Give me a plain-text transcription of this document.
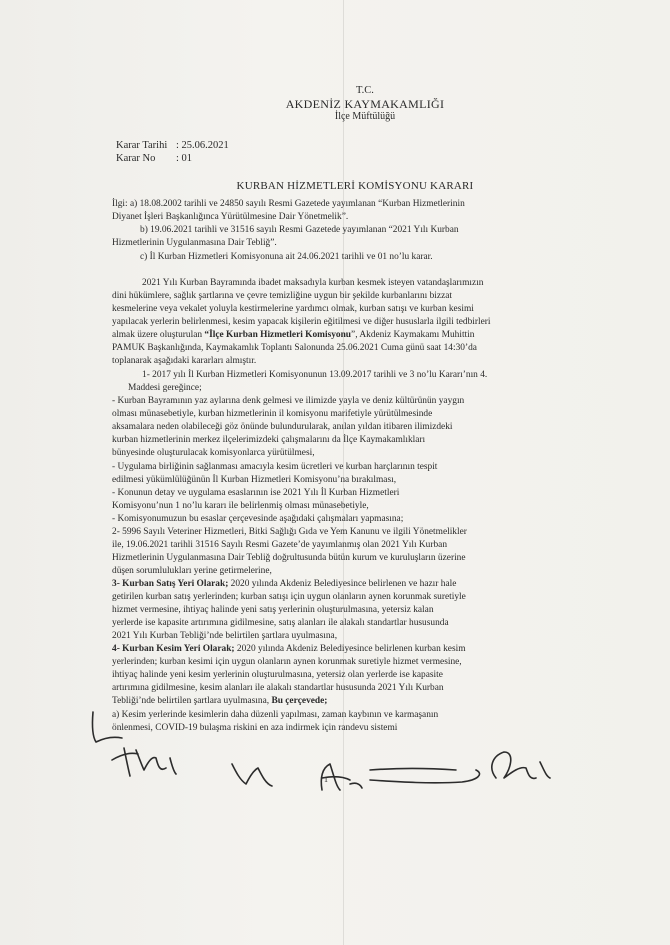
T.C.
AKDENİZ KAYMAKAMLIĞI
İlçe Müftülüğü
Karar Tarihi : 25.06.2021
Karar No : 01
KURBAN HİZMETLERİ KOMİSYONU KARARI
İlgi: a) 18.08.2002 tarihli ve 24850 sayılı Resmi Gazetede yayımlanan “Kurban Hizmetlerinin
Diyanet İşleri Başkanlığınca Yürütülmesine Dair Yönetmelik”.
b) 19.06.2021 tarihli ve 31516 sayılı Resmi Gazetede yayımlanan “2021 Yılı Kurban
Hizmetlerinin Uygulanmasına Dair Tebliğ”.
c) İl Kurban Hizmetleri Komisyonuna ait 24.06.2021 tarihli ve 01 no’lu karar.
2021 Yılı Kurban Bayramında ibadet maksadıyla kurban kesmek isteyen vatandaşlarımızın
dini hükümlere, sağlık şartlarına ve çevre temizliğine uygun bir şekilde kurbanlarını bizzat
kesmelerine veya vekalet yoluyla kestirmelerine yardımcı olmak, kurban satışı ve kurban kesimi
yapılacak yerlerin belirlenmesi, kesim yapacak kişilerin eğitilmesi ve diğer hususlarla ilgili tedbirleri
almak üzere oluşturulan “İlçe Kurban Hizmetleri Komisyonu”, Akdeniz Kaymakamı Muhittin
PAMUK Başkanlığında, Kaymakamlık Toplantı Salonunda 25.06.2021 Cuma günü saat 14:30’da
toplanarak aşağıdaki kararları almıştır.
1- 2017 yılı İl Kurban Hizmetleri Komisyonunun 13.09.2017 tarihli ve 3 no’lu Kararı’nın 4.
Maddesi gereğince;
- Kurban Bayramının yaz aylarına denk gelmesi ve ilimizde yayla ve deniz kültürünün yaygın
olması münasebetiyle, kurban hizmetlerinin il komisyonu marifetiyle yürütülmesinde
aksamalara neden olabileceği göz önünde bulundurularak, anılan yıldan itibaren ilimizdeki
kurban hizmetlerinin merkez ilçelerimizdeki çalışmalarını da İlçe Kaymakamlıkları
bünyesinde oluşturulacak komisyonlarca yürütülmesi,
- Uygulama birliğinin sağlanması amacıyla kesim ücretleri ve kurban harçlarının tespit
edilmesi yükümlülüğünün İl Kurban Hizmetleri Komisyonu’na bırakılması,
- Konunun detay ve uygulama esaslarının ise 2021 Yılı İl Kurban Hizmetleri
Komisyonu’nun 1 no’lu kararı ile belirlenmiş olması münasebetiyle,
- Komisyonumuzun bu esaslar çerçevesinde aşağıdaki çalışmaları yapmasına;
2- 5996 Sayılı Veteriner Hizmetleri, Bitki Sağlığı Gıda ve Yem Kanunu ve ilgili Yönetmelikler
ile, 19.06.2021 tarihli 31516 Sayılı Resmi Gazete’de yayımlanmış olan 2021 Yılı Kurban
Hizmetlerinin Uygulanmasına Dair Tebliğ doğrultusunda bütün kurum ve kuruluşların üzerine
düşen sorumlulukları yerine getirmelerine,
3- Kurban Satış Yeri Olarak; 2020 yılında Akdeniz Belediyesince belirlenen ve hazır hale
getirilen kurban satış yerlerinden; kurban satışı için uygun olanların aynen korunmak suretiyle
hizmet vermesine, ihtiyaç halinde yeni satış yerlerinin oluşturulmasına, yetersiz kalan
yerlerde ise kapasite artırımına gidilmesine, satış alanları ile alakalı standartlar hususunda
2021 Yılı Kurban Tebliği’nde belirtilen şartlara uyulmasına,
4- Kurban Kesim Yeri Olarak; 2020 yılında Akdeniz Belediyesince belirlenen kurban kesim
yerlerinden; kurban kesimi için uygun olanların aynen korunmak suretiyle hizmet vermesine,
ihtiyaç halinde yeni kesim yerlerinin oluşturulmasına, yetersiz olan yerlerde ise kapasite
artırımına gidilmesine, kesim alanları ile alakalı standartlar hususunda 2021 Yılı Kurban
Tebliği’nde belirtilen şartlara uyulmasına, Bu çerçevede;
a) Kesim yerlerinde kesimlerin daha düzenli yapılması, zaman kaybının ve karmaşanın
önlenmesi, COVID-19 bulaşma riskini en aza indirmek için randevu sistemi
1
